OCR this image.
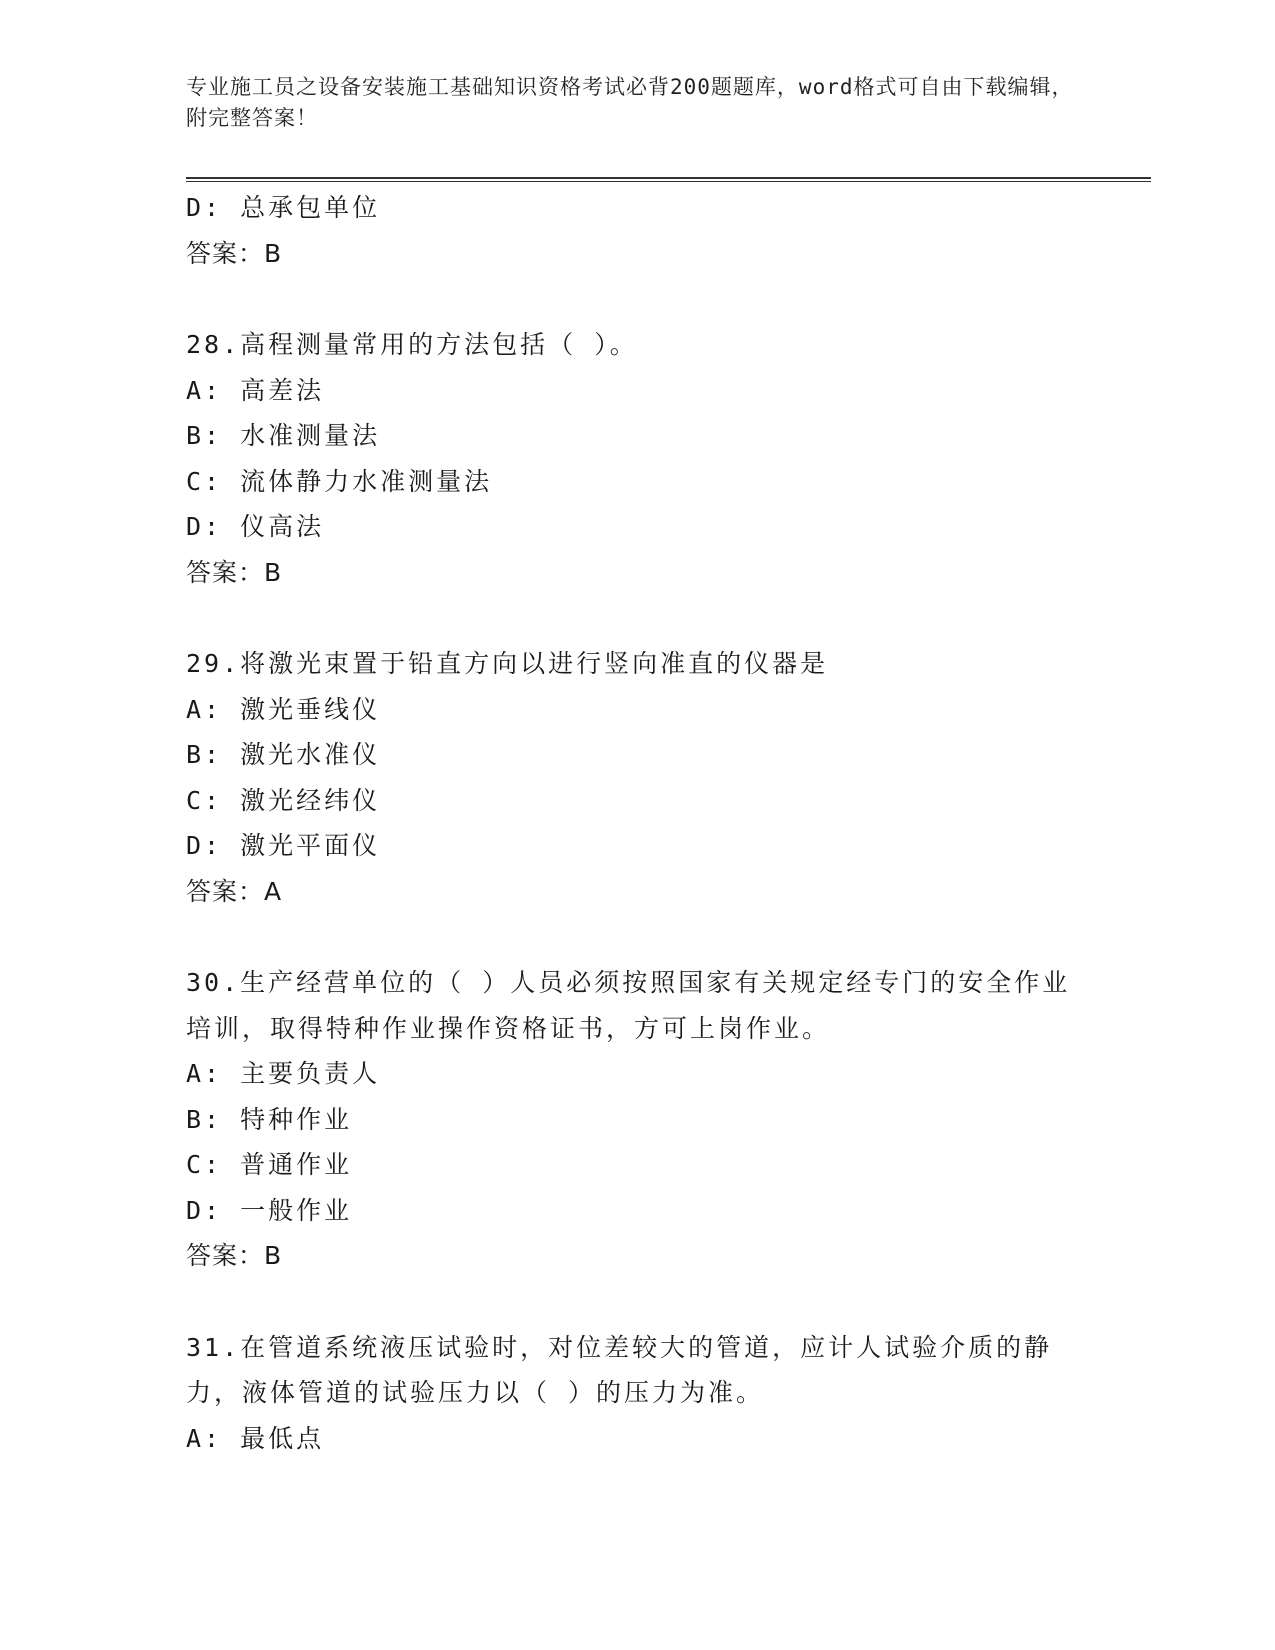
专业施工员之设备安装施工基础知识资格考试必背200题题库，word格式可自由下载编辑，附完整答案！
D: 总承包单位
答案：B
28.高程测量常用的方法包括（ ）。
A: 高差法
B: 水准测量法
C: 流体静力水准测量法
D: 仪高法
答案：B
29.将激光束置于铅直方向以进行竖向准直的仪器是
A: 激光垂线仪
B: 激光水准仪
C: 激光经纬仪
D: 激光平面仪
答案：A
30.生产经营单位的（ ）人员必须按照国家有关规定经专门的安全作业培训，取得特种作业操作资格证书，方可上岗作业。
A: 主要负责人
B: 特种作业
C: 普通作业
D: 一般作业
答案：B
31.在管道系统液压试验时，对位差较大的管道，应计人试验介质的静力，液体管道的试验压力以（ ）的压力为准。
A: 最低点
